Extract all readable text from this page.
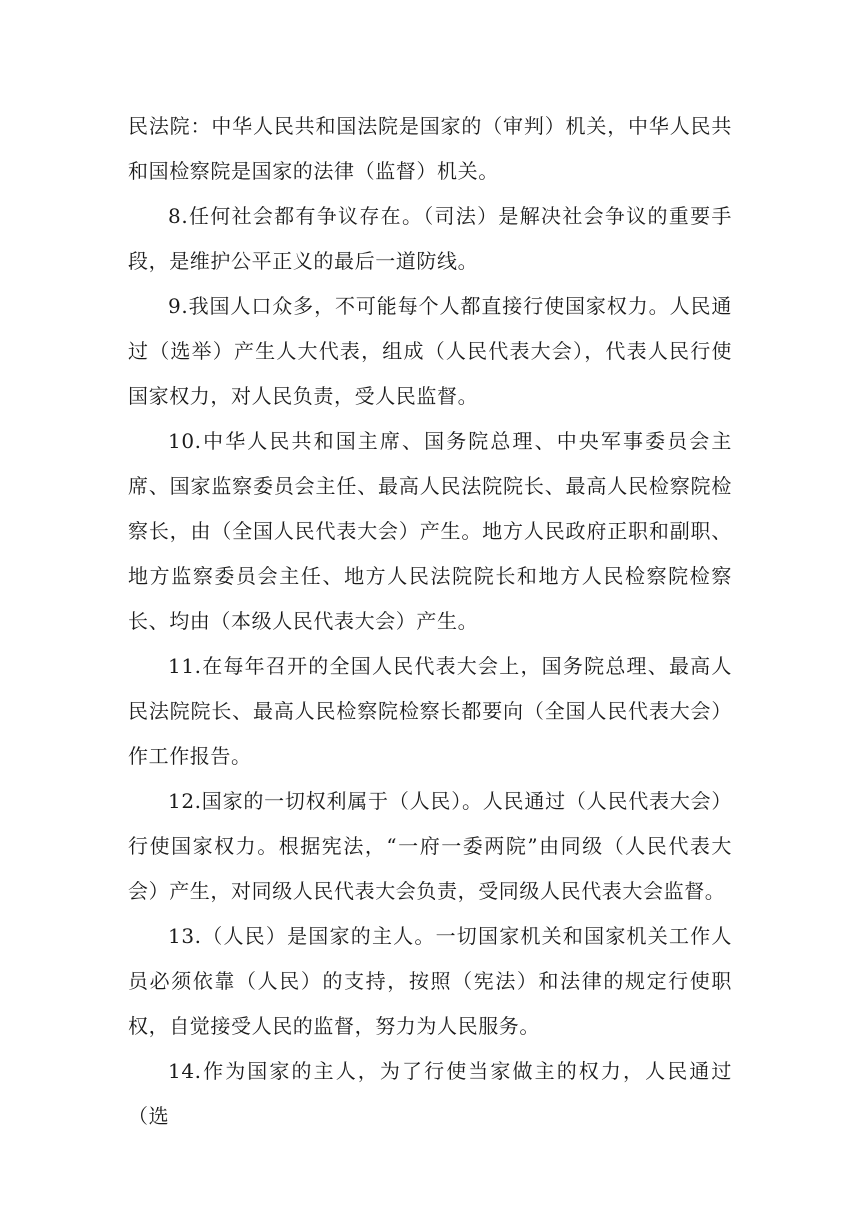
民法院：中华人民共和国法院是国家的（审判）机关，中华人民共和国检察院是国家的法律（监督）机关。

8.任何社会都有争议存在。（司法）是解决社会争议的重要手段，是维护公平正义的最后一道防线。

9.我国人口众多，不可能每个人都直接行使国家权力。人民通过（选举）产生人大代表，组成（人民代表大会），代表人民行使国家权力，对人民负责，受人民监督。

10.中华人民共和国主席、国务院总理、中央军事委员会主席、国家监察委员会主任、最高人民法院院长、最高人民检察院检察长，由（全国人民代表大会）产生。地方人民政府正职和副职、地方监察委员会主任、地方人民法院院长和地方人民检察院检察长、均由（本级人民代表大会）产生。

11.在每年召开的全国人民代表大会上，国务院总理、最高人民法院院长、最高人民检察院检察长都要向（全国人民代表大会）作工作报告。

12.国家的一切权利属于（人民）。人民通过（人民代表大会）行使国家权力。根据宪法，“一府一委两院”由同级（人民代表大会）产生，对同级人民代表大会负责，受同级人民代表大会监督。

13.（人民）是国家的主人。一切国家机关和国家机关工作人员必须依靠（人民）的支持，按照（宪法）和法律的规定行使职权，自觉接受人民的监督，努力为人民服务。

14.作为国家的主人，为了行使当家做主的权力，人民通过（选
